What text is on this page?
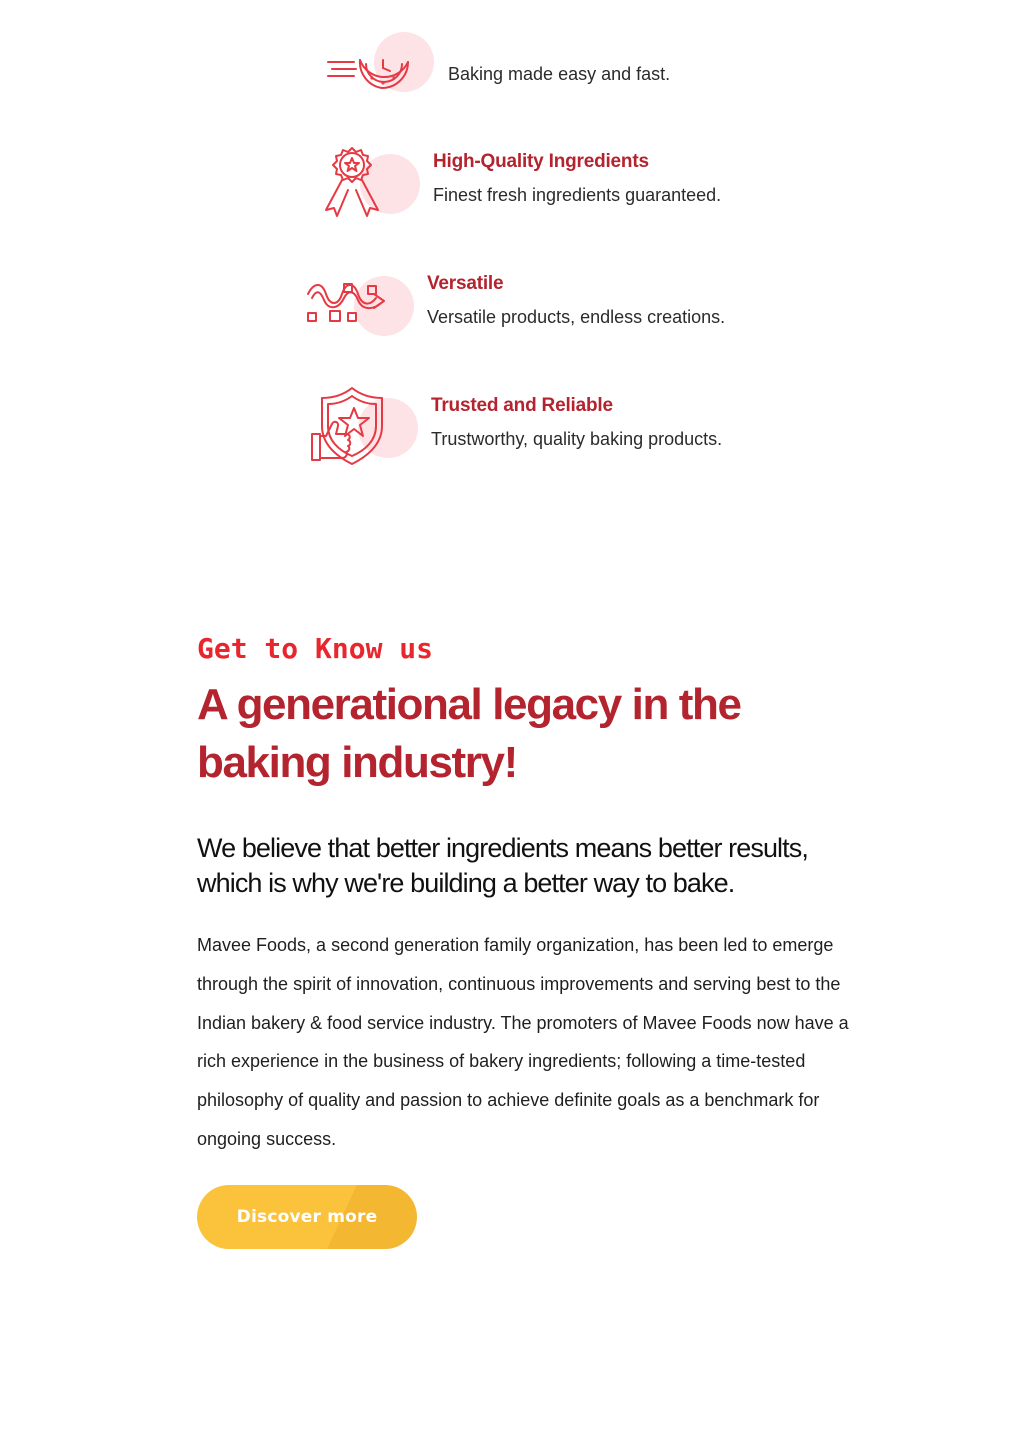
Baking made easy and fast.
High-Quality Ingredients
Finest fresh ingredients guaranteed.
Versatile
Versatile products, endless creations.
Trusted and Reliable
Trustworthy, quality baking products.
Get to Know us
A generational legacy in the baking industry!

We believe that better ingredients means better results, which is why we're building a better way to bake.

Mavee Foods, a second generation family organization, has been led to emerge through the spirit of innovation, continuous improvements and serving best to the Indian bakery & food service industry. The promoters of Mavee Foods now have a rich experience in the business of bakery ingredients; following a time-tested philosophy of quality and passion to achieve definite goals as a benchmark for ongoing success.

Discover more
